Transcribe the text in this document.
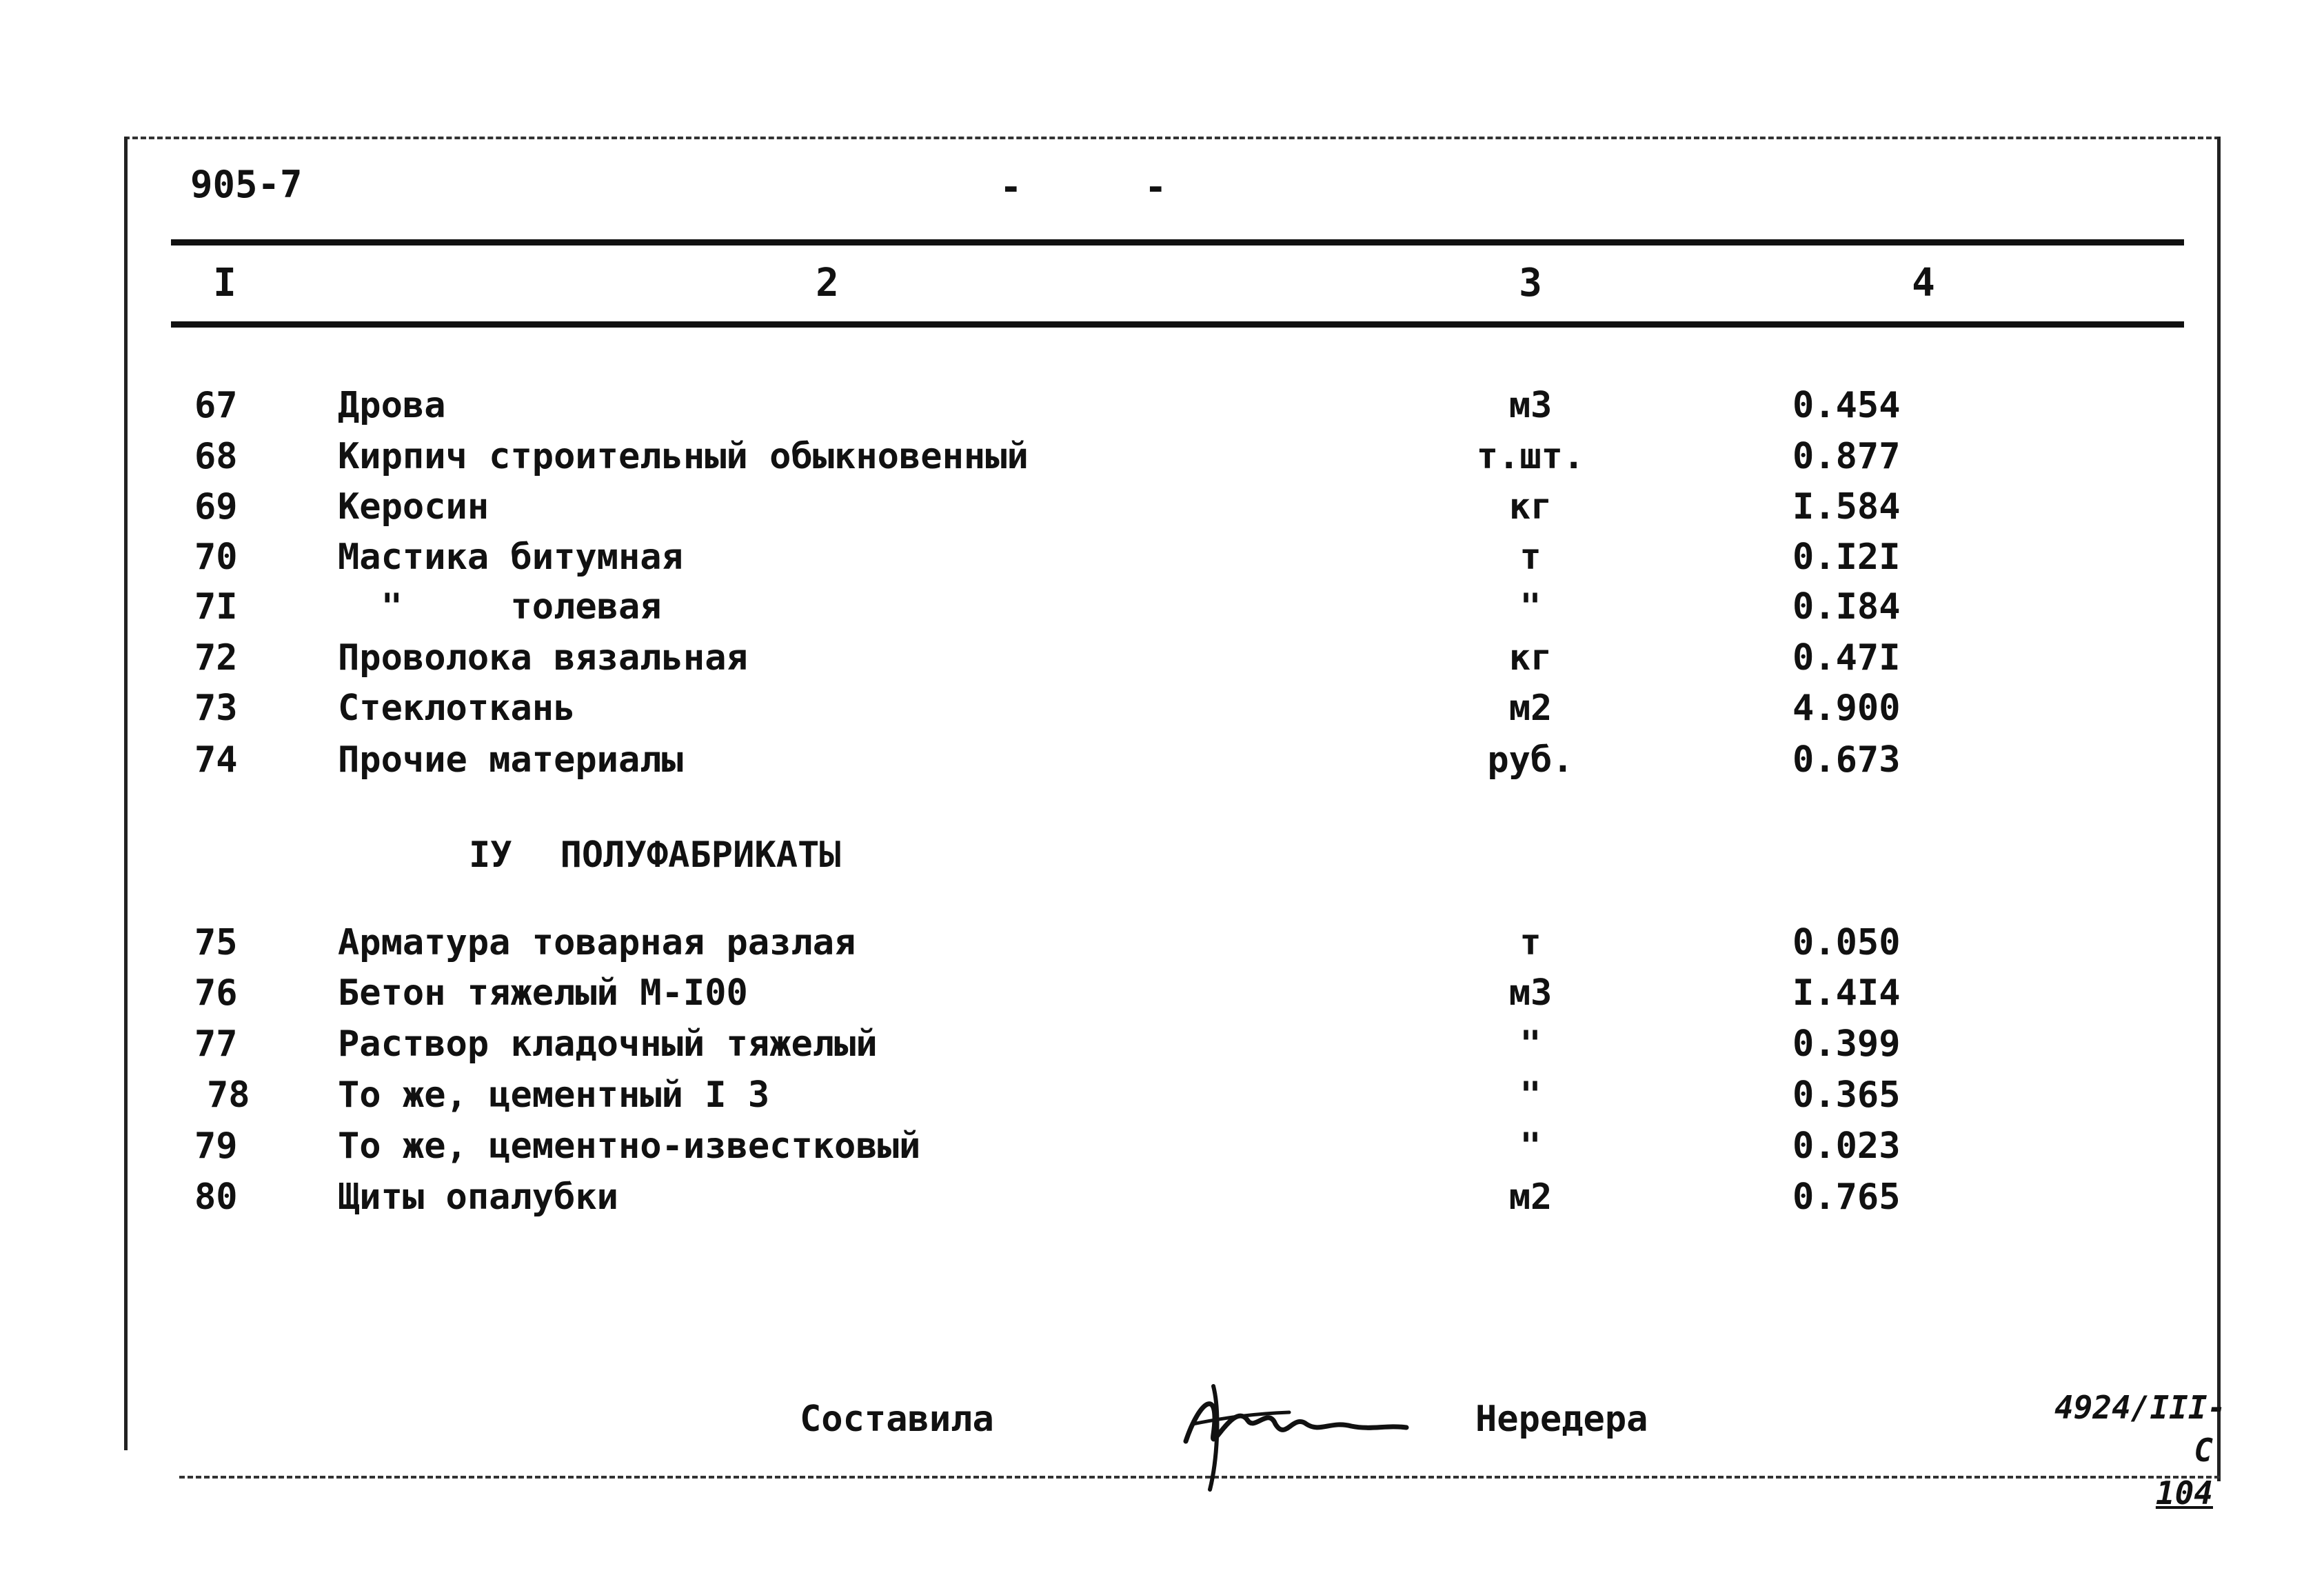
905-7	-	-
I	2	3	4
67	Дрова	м3	0.454
68	Кирпич строительный обыкновенный	т.шт.	0.877
69	Керосин	кг	I.584
70	Мастика битумная	т	0.I2I
7I	"     толевая	"	0.I84
72	Проволока вязальная	кг	0.47I
73	Стеклоткань	м2	4.900
74	Прочие материалы	руб.	0.673
IУ ПОЛУФАБРИКАТЫ
75	Арматура товарная разлая	т	0.050
76	Бетон тяжелый М-I00	м3	I.4I4
77	Раствор кладочный тяжелый	"	0.399
78 То же, цементный I 3	"	0.365
79	То же, цементно-известковый	"	0.023
80	Щиты опалубки	м2	0.765
Составила	Нередера	4924/III-С
104
